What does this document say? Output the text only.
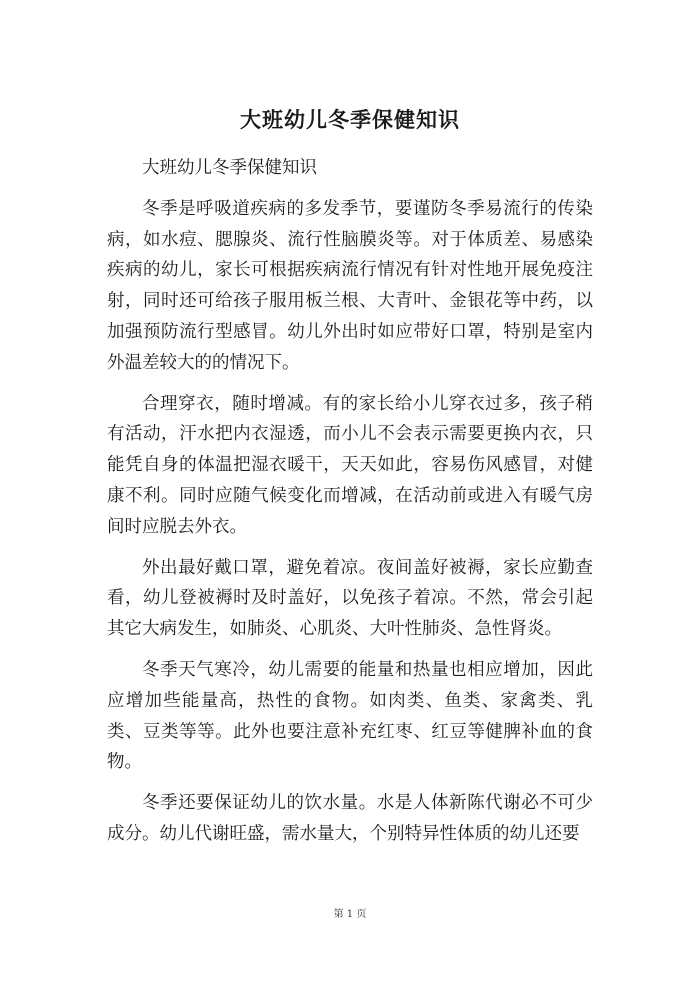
大班幼儿冬季保健知识

大班幼儿冬季保健知识

冬季是呼吸道疾病的多发季节，要谨防冬季易流行的传染病，如水痘、腮腺炎、流行性脑膜炎等。对于体质差、易感染疾病的幼儿，家长可根据疾病流行情况有针对性地开展免疫注射，同时还可给孩子服用板兰根、大青叶、金银花等中药，以加强预防流行型感冒。幼儿外出时如应带好口罩，特别是室内外温差较大的的情况下。

合理穿衣，随时增减。有的家长给小儿穿衣过多，孩子稍有活动，汗水把内衣湿透，而小儿不会表示需要更换内衣，只能凭自身的体温把湿衣暖干，天天如此，容易伤风感冒，对健康不利。同时应随气候变化而增减，在活动前或进入有暖气房间时应脱去外衣。

外出最好戴口罩，避免着凉。夜间盖好被褥，家长应勤查看，幼儿登被褥时及时盖好，以免孩子着凉。不然，常会引起其它大病发生，如肺炎、心肌炎、大叶性肺炎、急性肾炎。

冬季天气寒冷，幼儿需要的能量和热量也相应增加，因此应增加些能量高，热性的食物。如肉类、鱼类、家禽类、乳类、豆类等等。此外也要注意补充红枣、红豆等健脾补血的食物。

冬季还要保证幼儿的饮水量。水是人体新陈代谢必不可少成分。幼儿代谢旺盛，需水量大，个别特异性体质的幼儿还要

第 1 页
